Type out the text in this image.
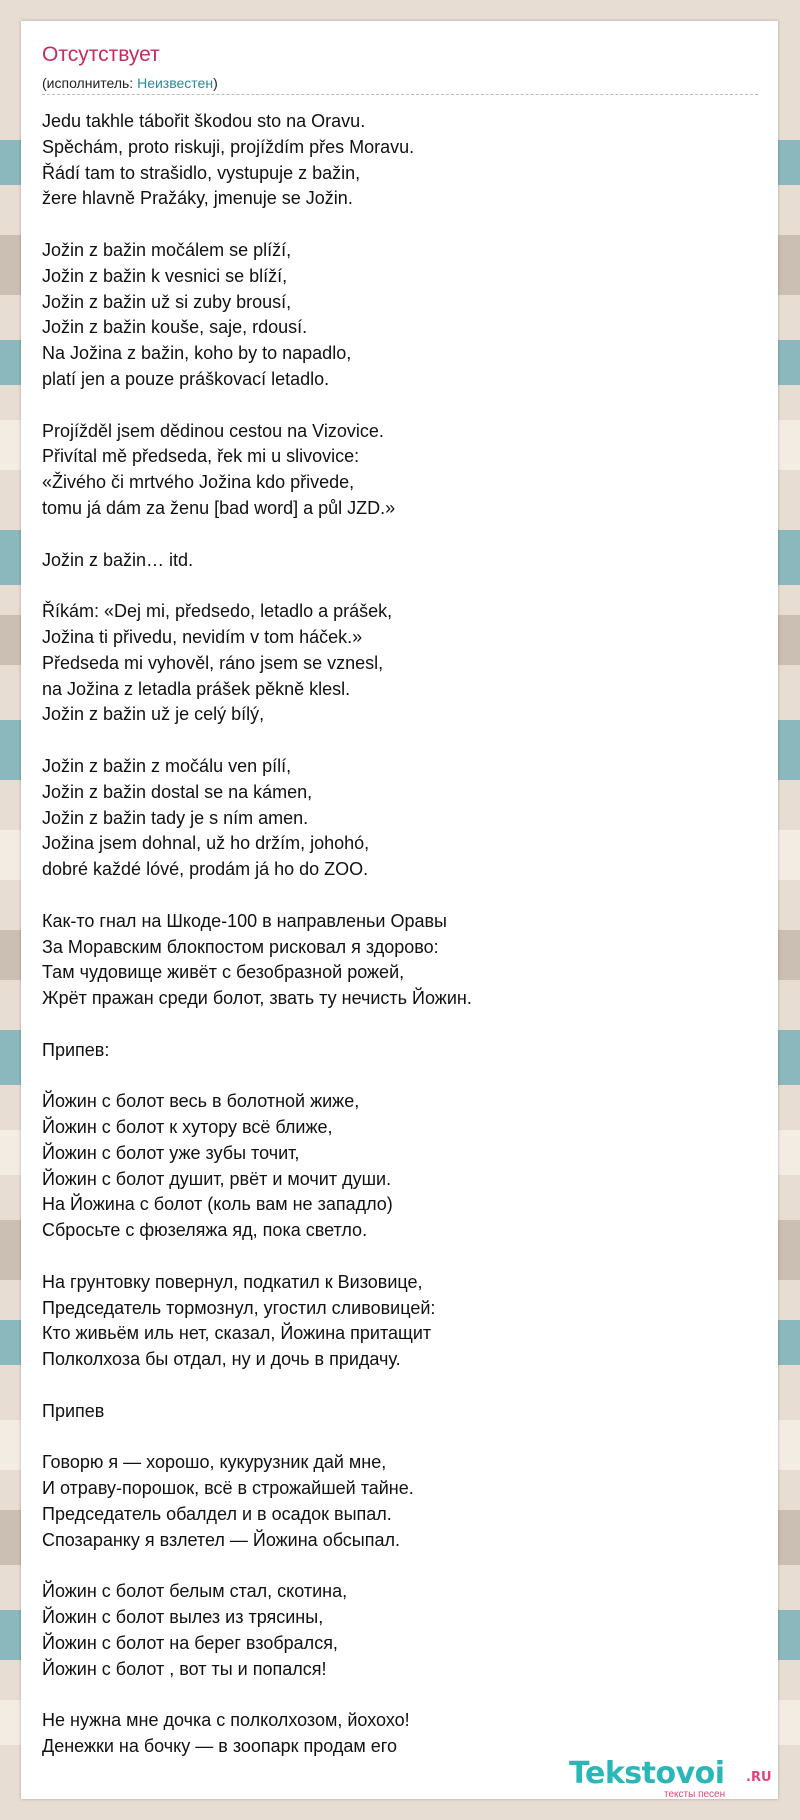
Отсутствует
(исполнитель: Неизвестен)
Jedu takhle tábořit škodou sto na Oravu.
Spěchám, proto riskuji, projíždím přes Moravu.
Řádí tam to strašidlo, vystupuje z bažin,
žere hlavně Pražáky, jmenuje se Jožin.
Jožin z bažin močálem se plíží,
Jožin z bažin k vesnici se blíží,
Jožin z bažin už si zuby brousí,
Jožin z bažin kouše, saje, rdousí.
Na Jožina z bažin, koho by to napadlo,
platí jen a pouze práškovací letadlo.
Projížděl jsem dědinou cestou na Vizovice.
Přivítal mě předseda, řek mi u slivovice:
«Živého či mrtvého Jožina kdo přivede,
tomu já dám za ženu [bad word] a půl JZD.»
Jožin z bažin… itd.
Říkám: «Dej mi, předsedo, letadlo a prášek,
Jožina ti přivedu, nevidím v tom háček.»
Předseda mi vyhověl, ráno jsem se vznesl,
na Jožina z letadla prášek pěkně klesl.
Jožin z bažin už je celý bílý,
Jožin z bažin z močálu ven pílí,
Jožin z bažin dostal se na kámen,
Jožin z bažin tady je s ním amen.
Jožina jsem dohnal, už ho držím, johohó,
dobré každé lóvé, prodám já ho do ZOO.
Как-то гнал на Шкоде-100 в направленьи Оравы
За Моравским блокпостом рисковал я здорово:
Там чудовище живёт с безобразной рожей,
Жрёт пражан среди болот, звать ту нечисть Йожин.
Припев:
Йожин с болот весь в болотной жиже,
Йожин с болот к хутору всё ближе,
Йожин с болот уже зубы точит,
Йожин с болот душит, рвёт и мочит души.
На Йожина с болот (коль вам не западло)
Сбросьте с фюзеляжа яд, пока светло.
На грунтовку повернул, подкатил к Визовице,
Председатель тормознул, угостил сливовицей:
Кто живьём иль нет, сказал, Йожина притащит
Полколхоза бы отдал, ну и дочь в придачу.
Припев
Говорю я — хорошо, кукурузник дай мне,
И отраву-порошок, всё в строжайшей тайне.
Председатель обалдел и в осадок выпал.
Спозаранку я взлетел — Йожина обсыпал.
Йожин с болот белым стал, скотина,
Йожин с болот вылез из трясины,
Йожин с болот на берег взобрался,
Йожин с болот , вот ты и попался!
Не нужна мне дочка с полколхозом, йохохо!
Денежки на бочку — в зоопарк продам его
Tekstovoi .RU
тексты песен
